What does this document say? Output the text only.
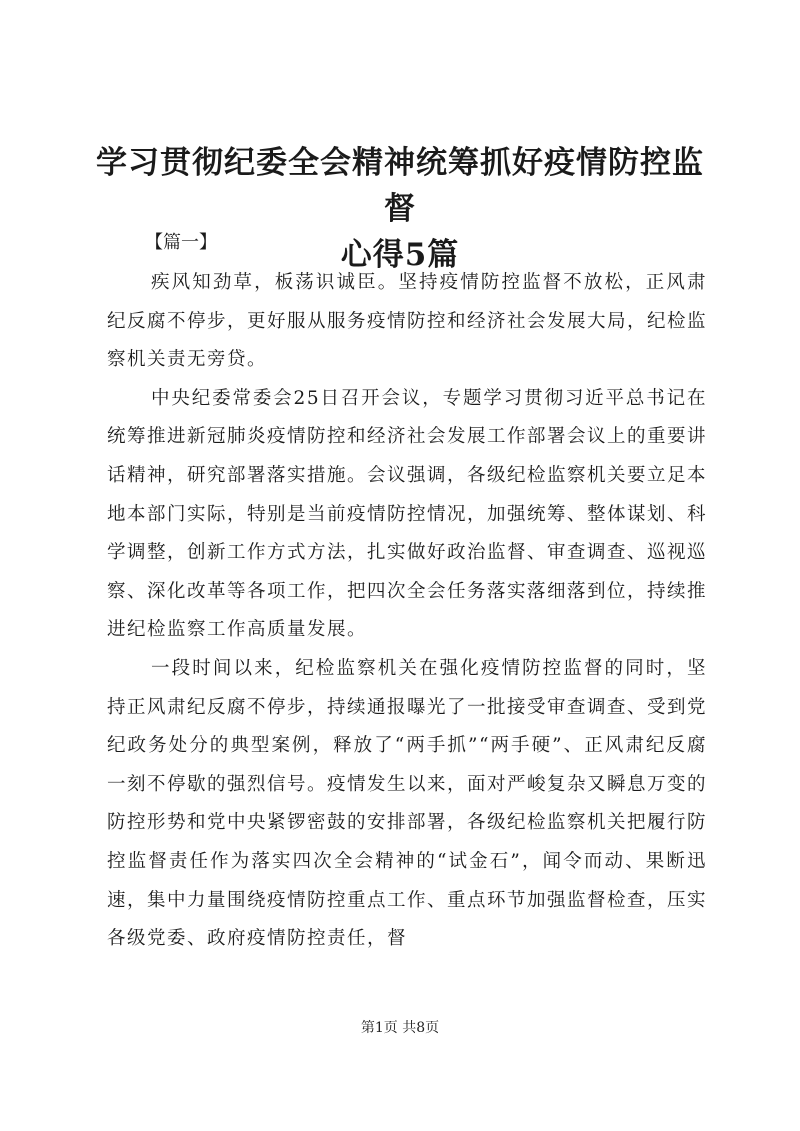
学习贯彻纪委全会精神统筹抓好疫情防控监督
心得5篇
【篇一】

疾风知劲草，板荡识诚臣。坚持疫情防控监督不放松，正风肃纪反腐不停步，更好服从服务疫情防控和经济社会发展大局，纪检监察机关责无旁贷。

中央纪委常委会25日召开会议，专题学习贯彻习近平总书记在统筹推进新冠肺炎疫情防控和经济社会发展工作部署会议上的重要讲话精神，研究部署落实措施。会议强调，各级纪检监察机关要立足本地本部门实际，特别是当前疫情防控情况，加强统筹、整体谋划、科学调整，创新工作方式方法，扎实做好政治监督、审查调查、巡视巡察、深化改革等各项工作，把四次全会任务落实落细落到位，持续推进纪检监察工作高质量发展。

一段时间以来，纪检监察机关在强化疫情防控监督的同时，坚持正风肃纪反腐不停步，持续通报曝光了一批接受审查调查、受到党纪政务处分的典型案例，释放了“两手抓”“两手硬”、正风肃纪反腐一刻不停歇的强烈信号。疫情发生以来，面对严峻复杂又瞬息万变的防控形势和党中央紧锣密鼓的安排部署，各级纪检监察机关把履行防控监督责任作为落实四次全会精神的“试金石”，闻令而动、果断迅速，集中力量围绕疫情防控重点工作、重点环节加强监督检查，压实各级党委、政府疫情防控责任，督

第1页 共8页
